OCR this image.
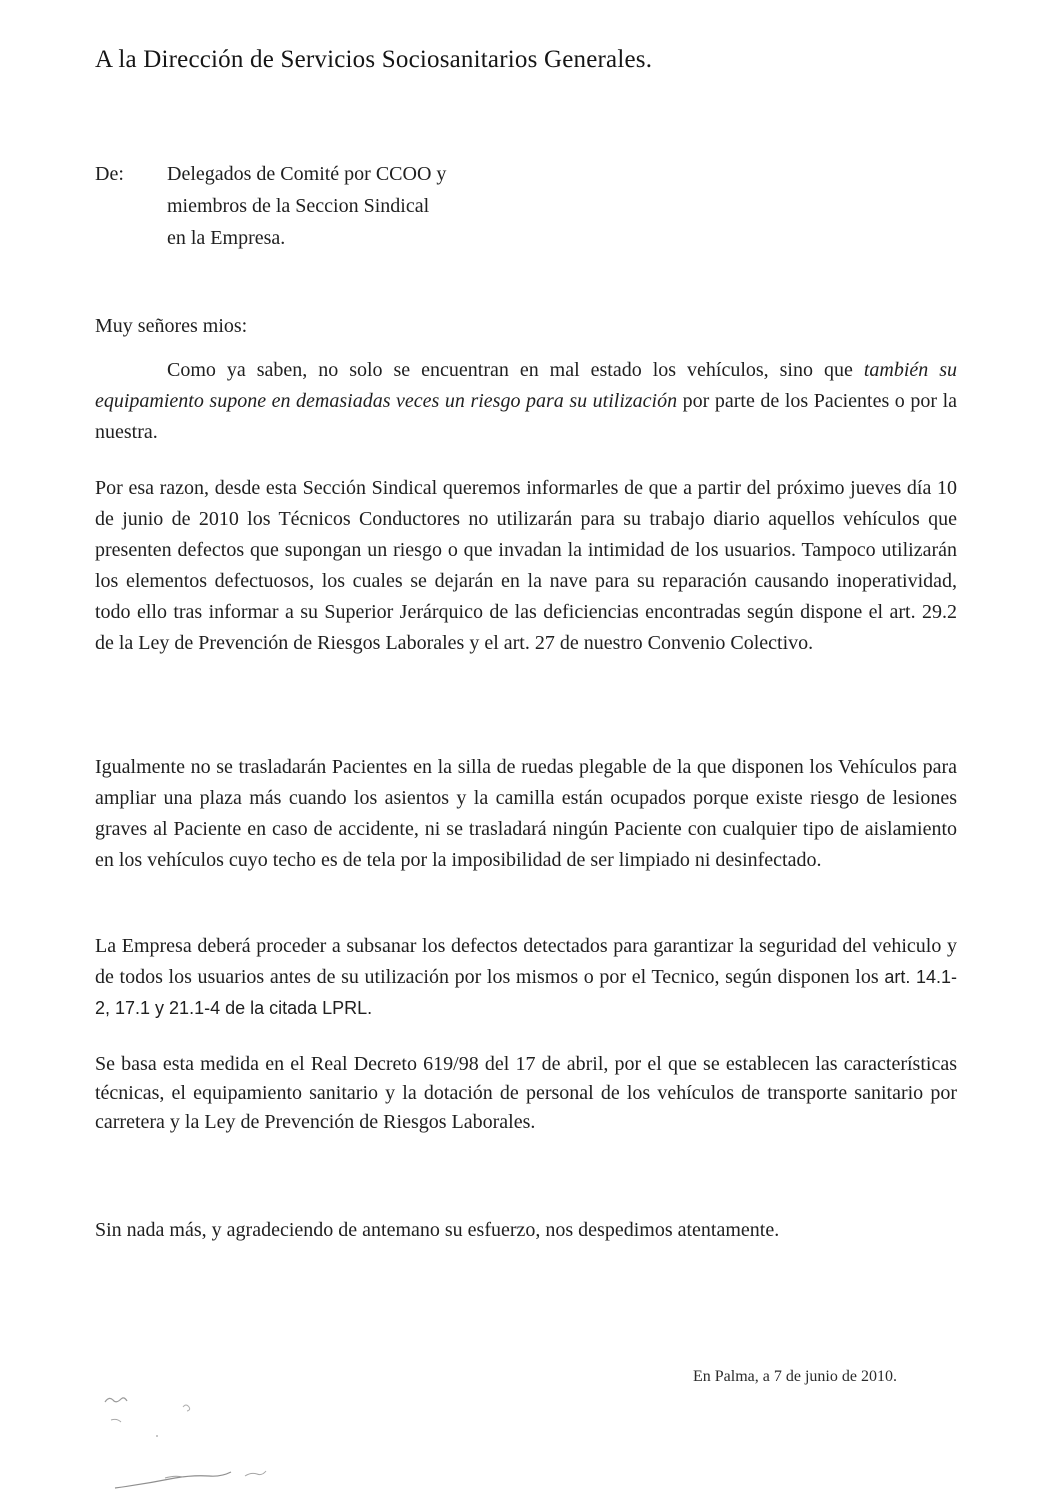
A la Dirección de Servicios Sociosanitarios Generales.
De: Delegados de Comité por CCOO y
miembros de la Seccion Sindical
en la Empresa.
Muy señores mios:

Como ya saben, no solo se encuentran en mal estado los vehículos, sino que también su equipamiento supone en demasiadas veces un riesgo para su utilización por parte de los Pacientes o por la nuestra.

Por esa razon, desde esta Sección Sindical queremos informarles de que a partir del próximo jueves día 10 de junio de 2010 los Técnicos Conductores no utilizarán para su trabajo diario aquellos vehículos que presenten defectos que supongan un riesgo o que invadan la intimidad de los usuarios. Tampoco utilizarán los elementos defectuosos, los cuales se dejarán en la nave para su reparación causando inoperatividad, todo ello tras informar a su Superior Jerárquico de las deficiencias encontradas según dispone el art. 29.2 de la Ley de Prevención de Riesgos Laborales y el art. 27 de nuestro Convenio Colectivo.

Igualmente no se trasladarán Pacientes en la silla de ruedas plegable de la que disponen los Vehículos para ampliar una plaza más cuando los asientos y la camilla están ocupados porque existe riesgo de lesiones graves al Paciente en caso de accidente, ni se trasladará ningún Paciente con cualquier tipo de aislamiento en los vehículos cuyo techo es de tela por la imposibilidad de ser limpiado ni desinfectado.

La Empresa deberá proceder a subsanar los defectos detectados para garantizar la seguridad del vehiculo y de todos los usuarios antes de su utilización por los mismos o por el Tecnico, según disponen los art. 14.1-2, 17.1 y 21.1-4 de la citada LPRL.

Se basa esta medida en el Real Decreto 619/98 del 17 de abril, por el que se establecen las características técnicas, el equipamiento sanitario y la dotación de personal de los vehículos de transporte sanitario por carretera y la Ley de Prevención de Riesgos Laborales.

Sin nada más, y agradeciendo de antemano su esfuerzo, nos despedimos atentamente.
En Palma, a 7 de junio de 2010.
